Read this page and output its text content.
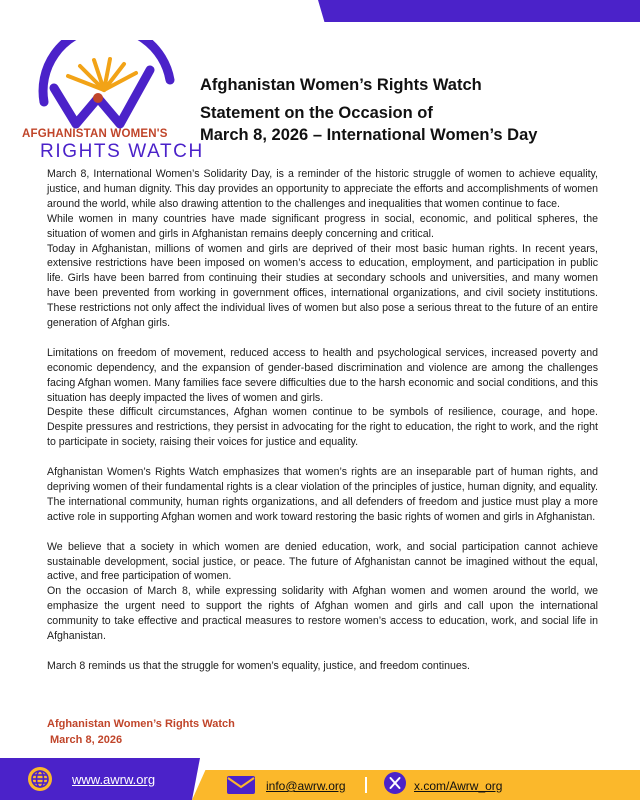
AFGHANISTAN WOMEN'S
RIGHTS WATCH
Afghanistan Women’s Rights Watch
Statement on the Occasion of
March 8, 2026 – International Women’s Day

March 8, International Women’s Solidarity Day, is a reminder of the historic struggle of women to achieve equality, justice, and human dignity. This day provides an opportunity to appreciate the efforts and accomplishments of women around the world, while also drawing attention to the challenges and inequalities that women continue to face.

While women in many countries have made significant progress in social, economic, and political spheres, the situation of women and girls in Afghanistan remains deeply concerning and critical.

Today in Afghanistan, millions of women and girls are deprived of their most basic human rights. In recent years, extensive restrictions have been imposed on women’s access to education, employment, and participation in public life. Girls have been barred from continuing their studies at secondary schools and universities, and many women have been prevented from working in government offices, international organizations, and civil society institutions. These restrictions not only affect the individual lives of women but also pose a serious threat to the future of an entire generation of Afghan girls.

Limitations on freedom of movement, reduced access to health and psychological services, increased poverty and economic dependency, and the expansion of gender-based discrimination and violence are among the challenges facing Afghan women. Many families face severe difficulties due to the harsh economic and social conditions, and this situation has deeply impacted the lives of women and girls.

Despite these difficult circumstances, Afghan women continue to be symbols of resilience, courage, and hope. Despite pressures and restrictions, they persist in advocating for the right to education, the right to work, and the right to participate in society, raising their voices for justice and equality.

Afghanistan Women’s Rights Watch emphasizes that women’s rights are an inseparable part of human rights, and depriving women of their fundamental rights is a clear violation of the principles of justice, human dignity, and equality. The international community, human rights organizations, and all defenders of freedom and justice must play a more active role in supporting Afghan women and work toward restoring the basic rights of women and girls in Afghanistan.

We believe that a society in which women are denied education, work, and social participation cannot achieve sustainable development, social justice, or peace. The future of Afghanistan cannot be imagined without the equal, active, and free participation of women.

On the occasion of March 8, while expressing solidarity with Afghan women and women around the world, we emphasize the urgent need to support the rights of Afghan women and girls and call upon the international community to take effective and practical measures to restore women’s access to education, work, and social life in Afghanistan.

March 8 reminds us that the struggle for women’s equality, justice, and freedom continues.

Afghanistan Women’s Rights Watch
March 8, 2026
www.awrw.org	info@awrw.org	x.com/Awrw_org
